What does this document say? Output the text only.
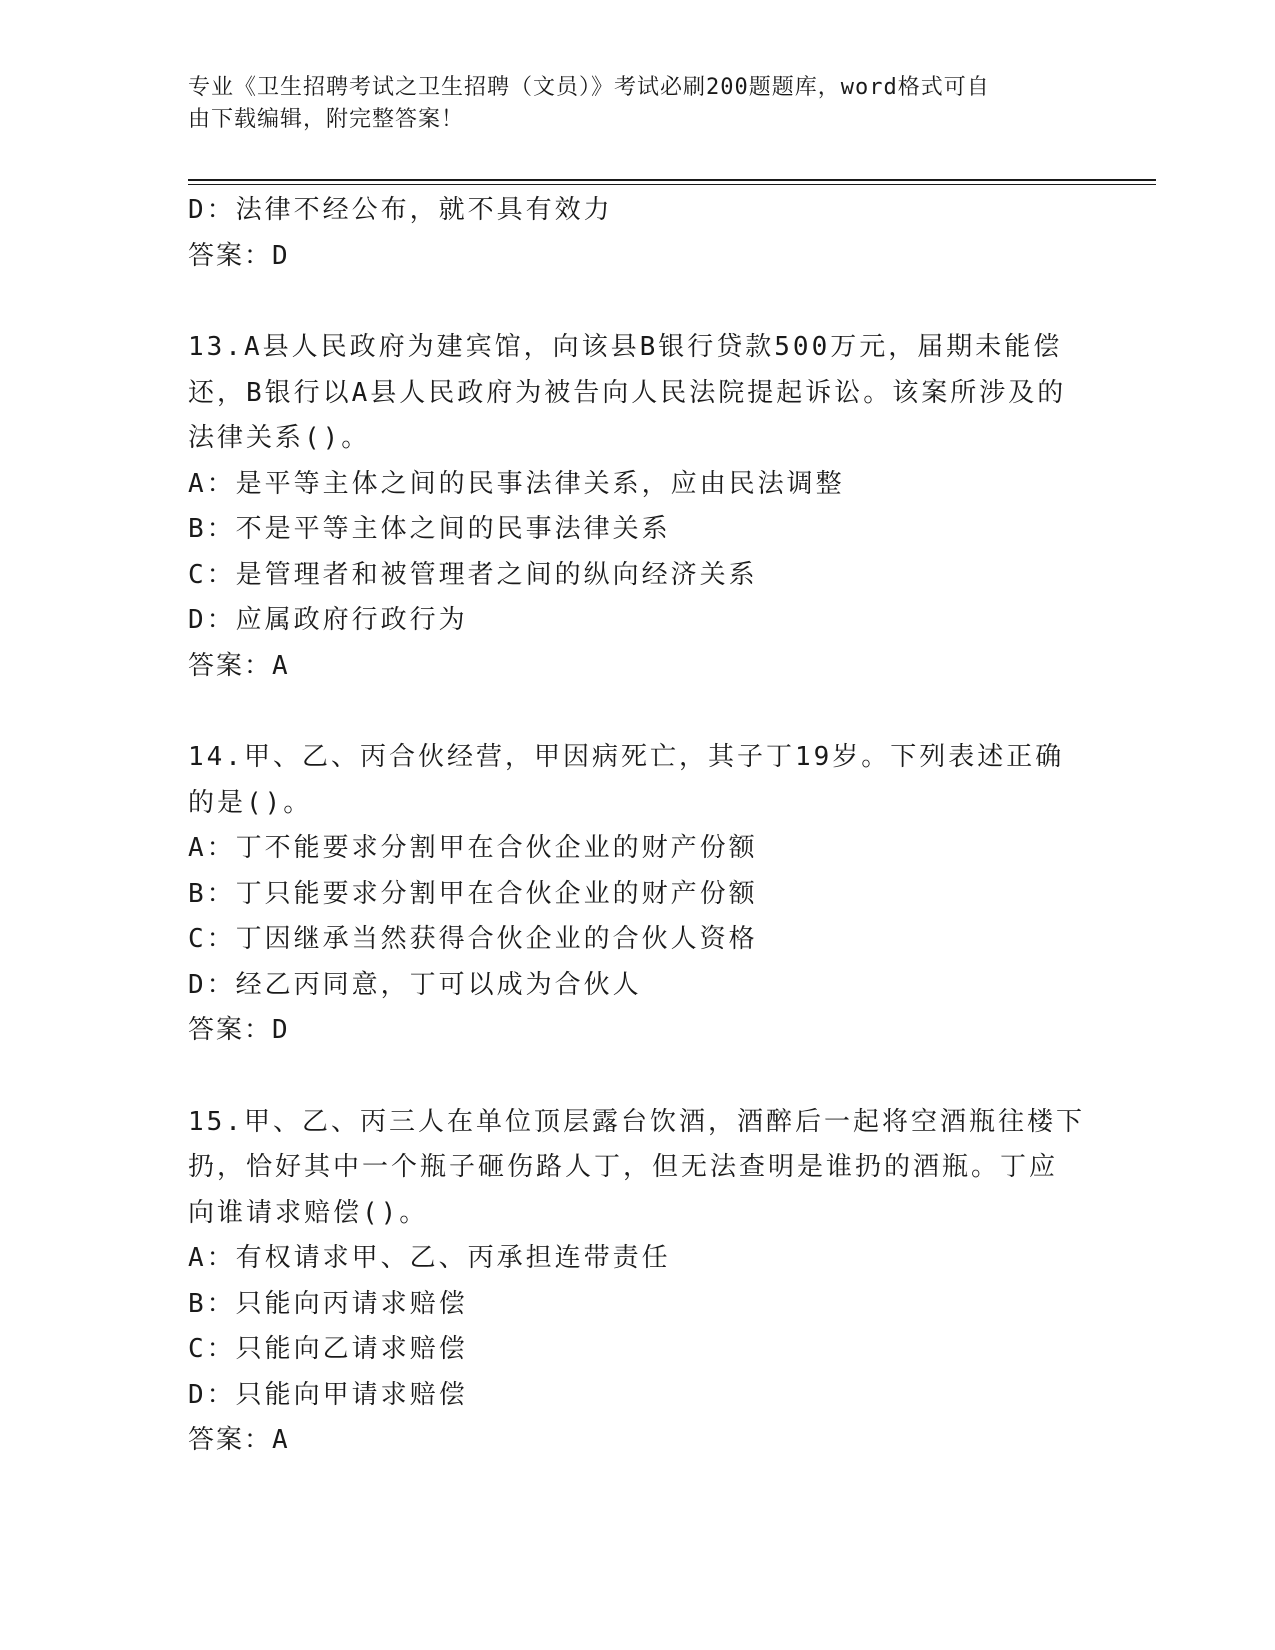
专业《卫生招聘考试之卫生招聘（文员）》考试必刷200题题库，word格式可自
由下载编辑，附完整答案！
D：法律不经公布，就不具有效力
答案：D
13.A县人民政府为建宾馆，向该县B银行贷款500万元，届期未能偿
还，B银行以A县人民政府为被告向人民法院提起诉讼。该案所涉及的
法律关系()。
A：是平等主体之间的民事法律关系，应由民法调整
B：不是平等主体之间的民事法律关系
C：是管理者和被管理者之间的纵向经济关系
D：应属政府行政行为
答案：A
14.甲、乙、丙合伙经营，甲因病死亡，其子丁19岁。下列表述正确
的是()。
A：丁不能要求分割甲在合伙企业的财产份额
B：丁只能要求分割甲在合伙企业的财产份额
C：丁因继承当然获得合伙企业的合伙人资格
D：经乙丙同意，丁可以成为合伙人
答案：D
15.甲、乙、丙三人在单位顶层露台饮酒，酒醉后一起将空酒瓶往楼下
扔，恰好其中一个瓶子砸伤路人丁，但无法查明是谁扔的酒瓶。丁应
向谁请求赔偿()。
A：有权请求甲、乙、丙承担连带责任
B：只能向丙请求赔偿
C：只能向乙请求赔偿
D：只能向甲请求赔偿
答案：A
